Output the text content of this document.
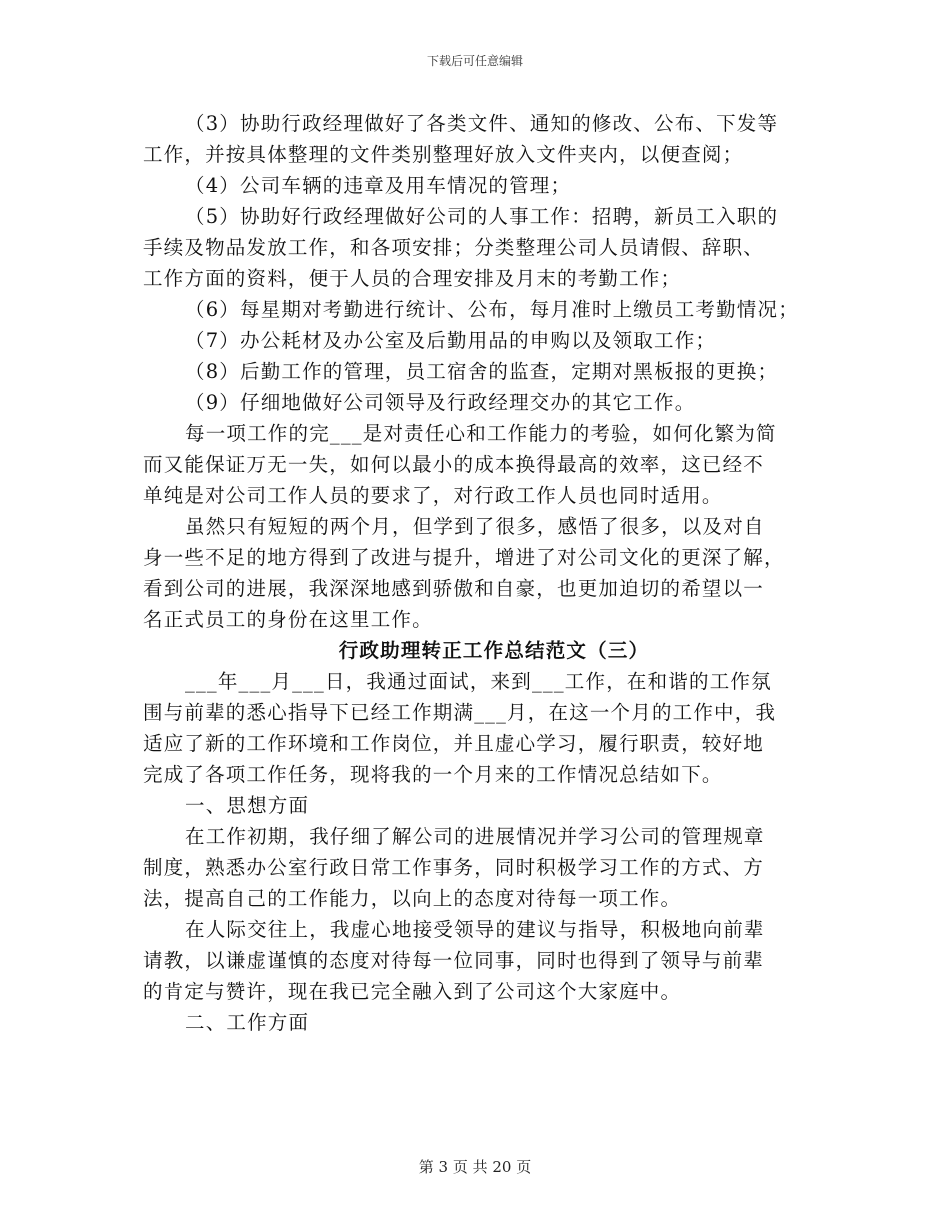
下载后可任意编辑
（3）协助行政经理做好了各类文件、通知的修改、公布、下发等
工作，并按具体整理的文件类别整理好放入文件夹内，以便查阅；
（4）公司车辆的违章及用车情况的管理；
（5）协助好行政经理做好公司的人事工作：招聘，新员工入职的
手续及物品发放工作，和各项安排；分类整理公司人员请假、辞职、
工作方面的资料，便于人员的合理安排及月末的考勤工作；
（6）每星期对考勤进行统计、公布，每月准时上缴员工考勤情况；
（7）办公耗材及办公室及后勤用品的申购以及领取工作；
（8）后勤工作的管理，员工宿舍的监查，定期对黑板报的更换；
（9）仔细地做好公司领导及行政经理交办的其它工作。
每一项工作的完___是对责任心和工作能力的考验，如何化繁为简
而又能保证万无一失，如何以最小的成本换得最高的效率，这已经不
单纯是对公司工作人员的要求了，对行政工作人员也同时适用。
虽然只有短短的两个月，但学到了很多，感悟了很多，以及对自
身一些不足的地方得到了改进与提升，增进了对公司文化的更深了解，
看到公司的进展，我深深地感到骄傲和自豪，也更加迫切的希望以一
名正式员工的身份在这里工作。
行政助理转正工作总结范文（三）
___年___月___日，我通过面试，来到___工作，在和谐的工作氛
围与前辈的悉心指导下已经工作期满___月，在这一个月的工作中，我
适应了新的工作环境和工作岗位，并且虚心学习，履行职责，较好地
完成了各项工作任务，现将我的一个月来的工作情况总结如下。
一、思想方面
在工作初期，我仔细了解公司的进展情况并学习公司的管理规章
制度，熟悉办公室行政日常工作事务，同时积极学习工作的方式、方
法，提高自己的工作能力，以向上的态度对待每一项工作。
在人际交往上，我虚心地接受领导的建议与指导，积极地向前辈
请教，以谦虚谨慎的态度对待每一位同事，同时也得到了领导与前辈
的肯定与赞许，现在我已完全融入到了公司这个大家庭中。
二、工作方面
第 3 页 共 20 页
